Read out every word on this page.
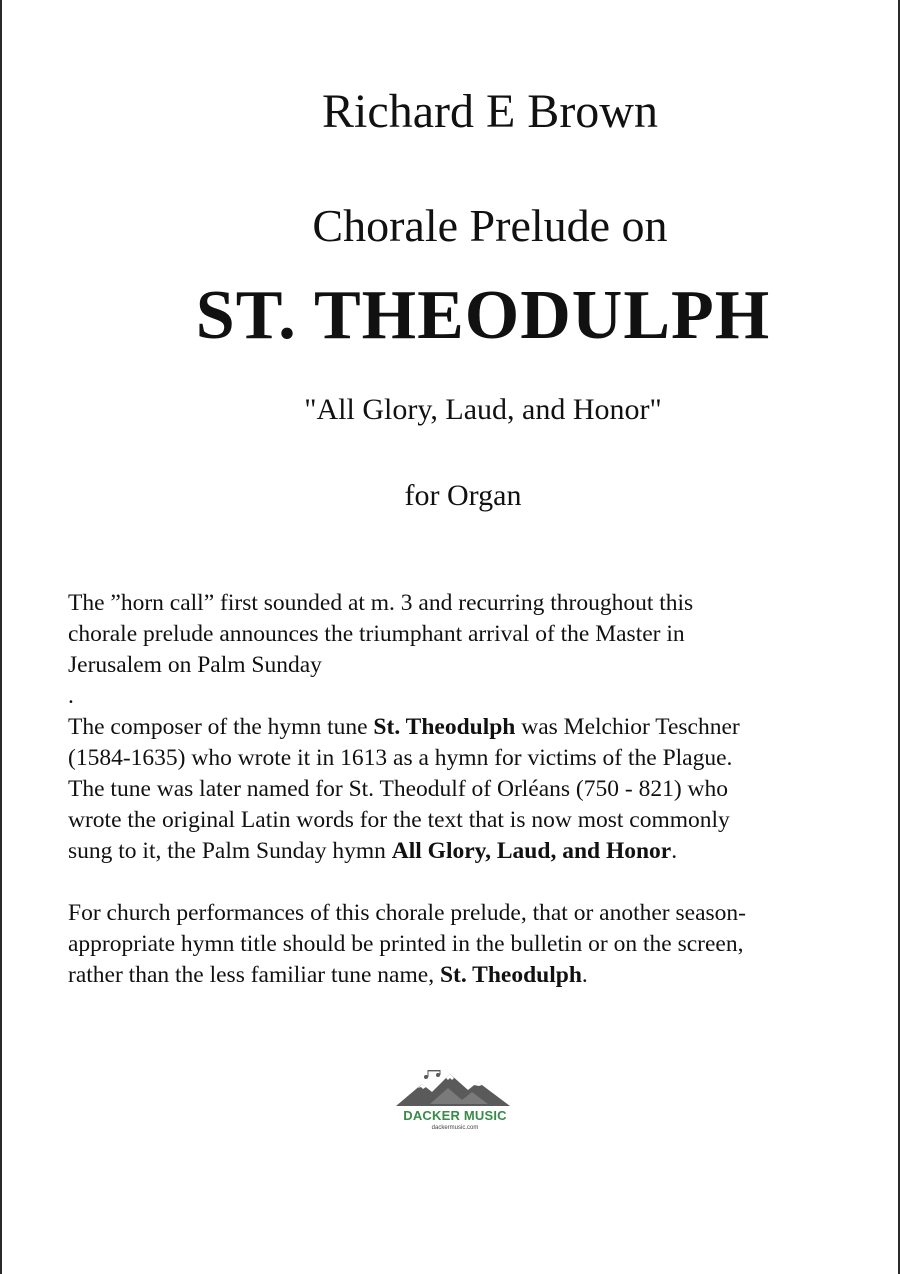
Richard E Brown
Chorale Prelude on
ST. THEODULPH
"All Glory, Laud, and Honor"
for Organ

The ”horn call” first sounded at m. 3 and recurring throughout this
chorale prelude announces the triumphant arrival of the Master in
Jerusalem on Palm Sunday
.

The composer of the hymn tune St. Theodulph was Melchior Teschner
(1584-1635) who wrote it in 1613 as a hymn for victims of the Plague.
The tune was later named for St. Theodulf of Orléans (750 - 821) who
wrote the original Latin words for the text that is now most commonly
sung to it, the Palm Sunday hymn All Glory, Laud, and Honor.

For church performances of this chorale prelude, that or another season-
appropriate hymn title should be printed in the bulletin or on the screen,
rather than the less familiar tune name, St. Theodulph.

DACKER MUSIC
dackermusic.com
